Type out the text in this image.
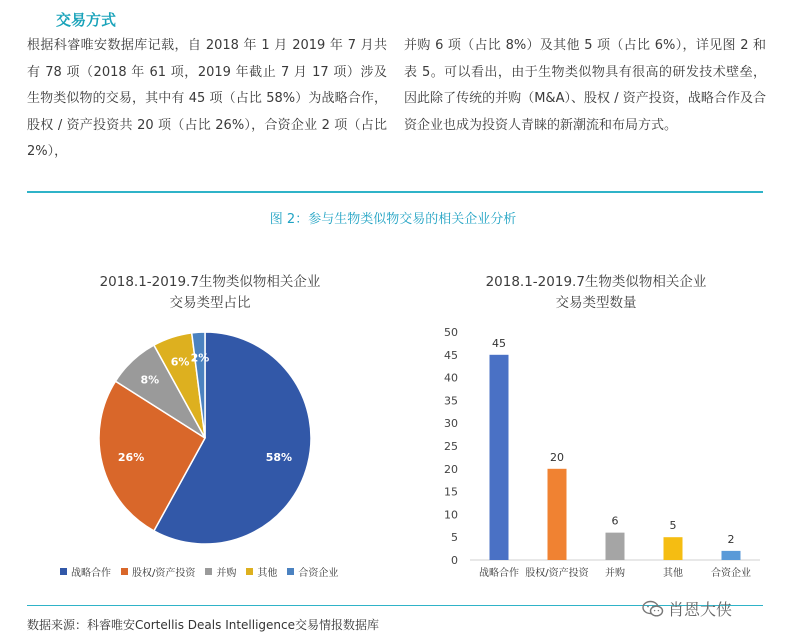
交易方式

根据科睿唯安数据库记载，自 2018 年 1 月 2019 年 7 月共有 78 项（2018 年 61 项，2019 年截止 7 月 17 项）涉及生物类似物的交易，其中有 45 项（占比 58%）为战略合作，股权 / 资产投资共 20 项（占比 26%），合资企业 2 项（占比 2%），

并购 6 项（占比 8%）及其他 5 项（占比 6%），详见图 2 和表 5。可以看出，由于生物类似物具有很高的研发技术壁垒，因此除了传统的并购（M&A）、股权 / 资产投资，战略合作及合资企业也成为投资人青睐的新潮流和布局方式。

图 2：参与生物类似物交易的相关企业分析
2018.1-2019.7生物类似物相关企业
交易类型占比
58%
26%
8%
6% 2%
战略合作 股权/资产投资 并购 其他 合资企业
2018.1-2019.7生物类似物相关企业
交易类型数量
0
5
10
15
20
25
30
35
40
45
50
45
战略合作
20
股权/资产投资
6
并购
5
其他
2
合资企业
数据来源：科睿唯安Cortellis Deals Intelligence交易情报数据库
肖恩大侠
